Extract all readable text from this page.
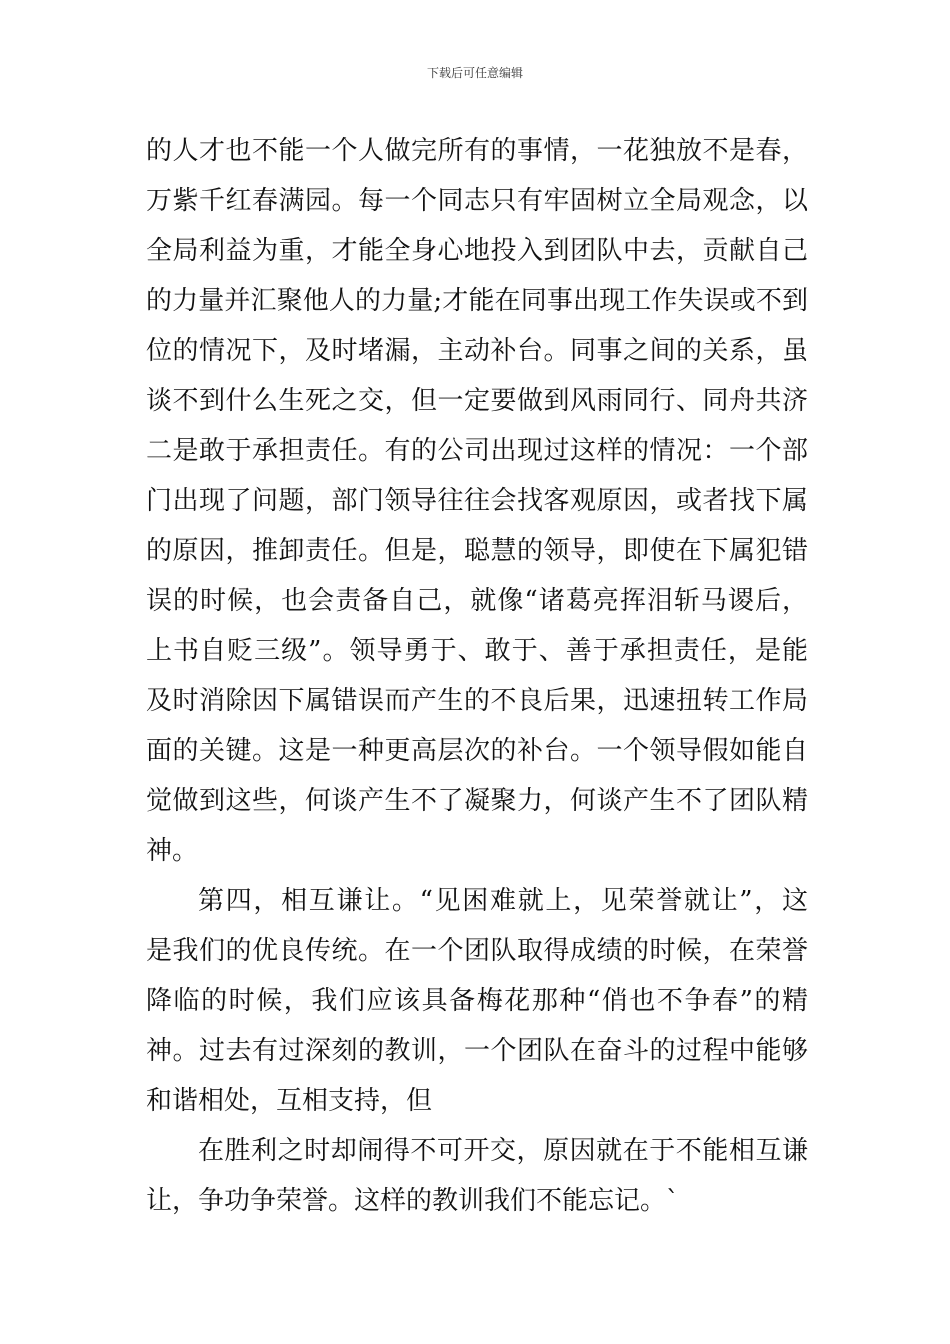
下载后可任意编辑
的人才也不能一个人做完所有的事情，一花独放不是春，
万紫千红春满园。每一个同志只有牢固树立全局观念，以
全局利益为重，才能全身心地投入到团队中去，贡献自己
的力量并汇聚他人的力量;才能在同事出现工作失误或不到
位的情况下，及时堵漏，主动补台。同事之间的关系，虽
谈不到什么生死之交，但一定要做到风雨同行、同舟共济
二是敢于承担责任。有的公司出现过这样的情况：一个部
门出现了问题，部门领导往往会找客观原因，或者找下属
的原因，推卸责任。但是，聪慧的领导，即使在下属犯错
误的时候，也会责备自己，就像“诸葛亮挥泪斩马谡后，
上书自贬三级”。领导勇于、敢于、善于承担责任，是能
及时消除因下属错误而产生的不良后果，迅速扭转工作局
面的关键。这是一种更高层次的补台。一个领导假如能自
觉做到这些，何谈产生不了凝聚力，何谈产生不了团队精
神。
第四，相互谦让。“见困难就上，见荣誉就让”，这
是我们的优良传统。在一个团队取得成绩的时候，在荣誉
降临的时候，我们应该具备梅花那种“俏也不争春”的精
神。过去有过深刻的教训，一个团队在奋斗的过程中能够
和谐相处，互相支持，但
在胜利之时却闹得不可开交，原因就在于不能相互谦
让，争功争荣誉。这样的教训我们不能忘记。`
